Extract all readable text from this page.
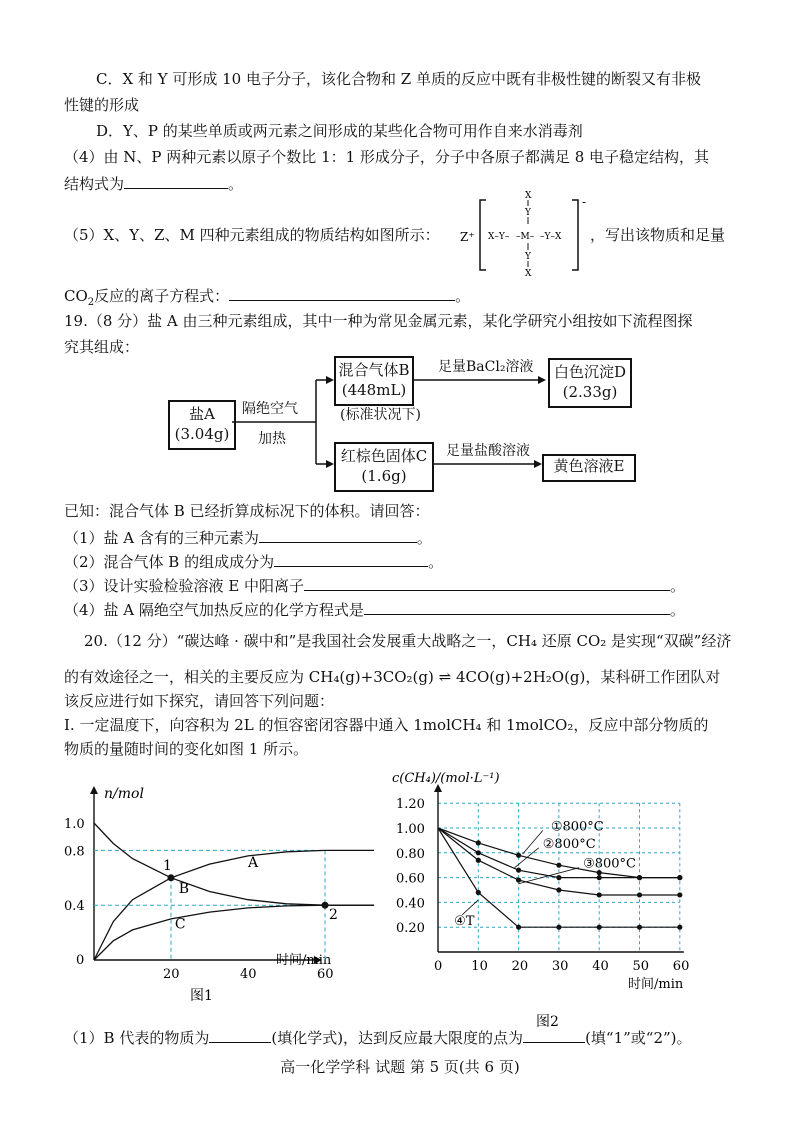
C．X 和 Y 可形成 10 电子分子，该化合物和 Z 单质的反应中既有非极性键的断裂又有非极
性键的形成
D．Y、P 的某些单质或两元素之间形成的某些化合物可用作自来水消毒剂
（4）由 N、P 两种元素以原子个数比 1：1 形成分子，分子中各原子都满足 8 电子稳定结构，其
结构式为	。
（5）X、Y、Z、M 四种元素组成的物质结构如图所示： Z⁺
-
X
Y
X–Y– –M– –Y–X
Y
X
，写出该物质和足量
$CO_2$反应的离子方程式：	。
19.（8 分）盐 A 由三种元素组成，其中一种为常见金属元素，某化学研究小组按如下流程图探
究其组成：
盐A
(3.04g)
隔绝空气
加热
混合气体B
(448mL)
(标准状况下)
足量BaCl₂溶液 白色沉淀D
(2.33g)
红棕色固体C
(1.6g)
足量盐酸溶液
黄色溶液E
已知：混合气体 B 已经折算成标况下的体积。请回答：
（1）盐 A 含有的三种元素为	。
（2）混合气体 B 的组成成分为	。
（3）设计实验检验溶液 E 中阳离子	。
（4）盐 A 隔绝空气加热反应的化学方程式是	。
20.（12 分）“碳达峰 · 碳中和”是我国社会发展重大战略之一，CH₄ 还原 CO₂ 是实现“双碳”经济
的有效途径之一，相关的主要反应为 CH₄(g)+3CO₂(g) ⇌ 4CO(g)+2H₂O(g)，某科研工作团队对
该反应进行如下探究，请回答下列问题：
Ⅰ. 一定温度下，向容积为 2L 的恒容密闭容器中通入 1molCH₄ 和 1molCO₂，反应中部分物质的
物质的量随时间的变化如图 1 所示。
n/mol
时间/min
0
0.4
0.8
1.0
20	40	60
A
B
C
1
2
图1
c(CH₄)/(mol·L⁻¹)
0.20
0.40
0.60
0.80
1.00
1.20
0 10 20 30 40 50 60
时间/min
①800°C
②800°C
③800°C
④T
图2
（1）B 代表的物质为	(填化学式)，达到反应最大限度的点为	(填“1”或“2”)。
高一化学学科 试题 第 5 页(共 6 页)
